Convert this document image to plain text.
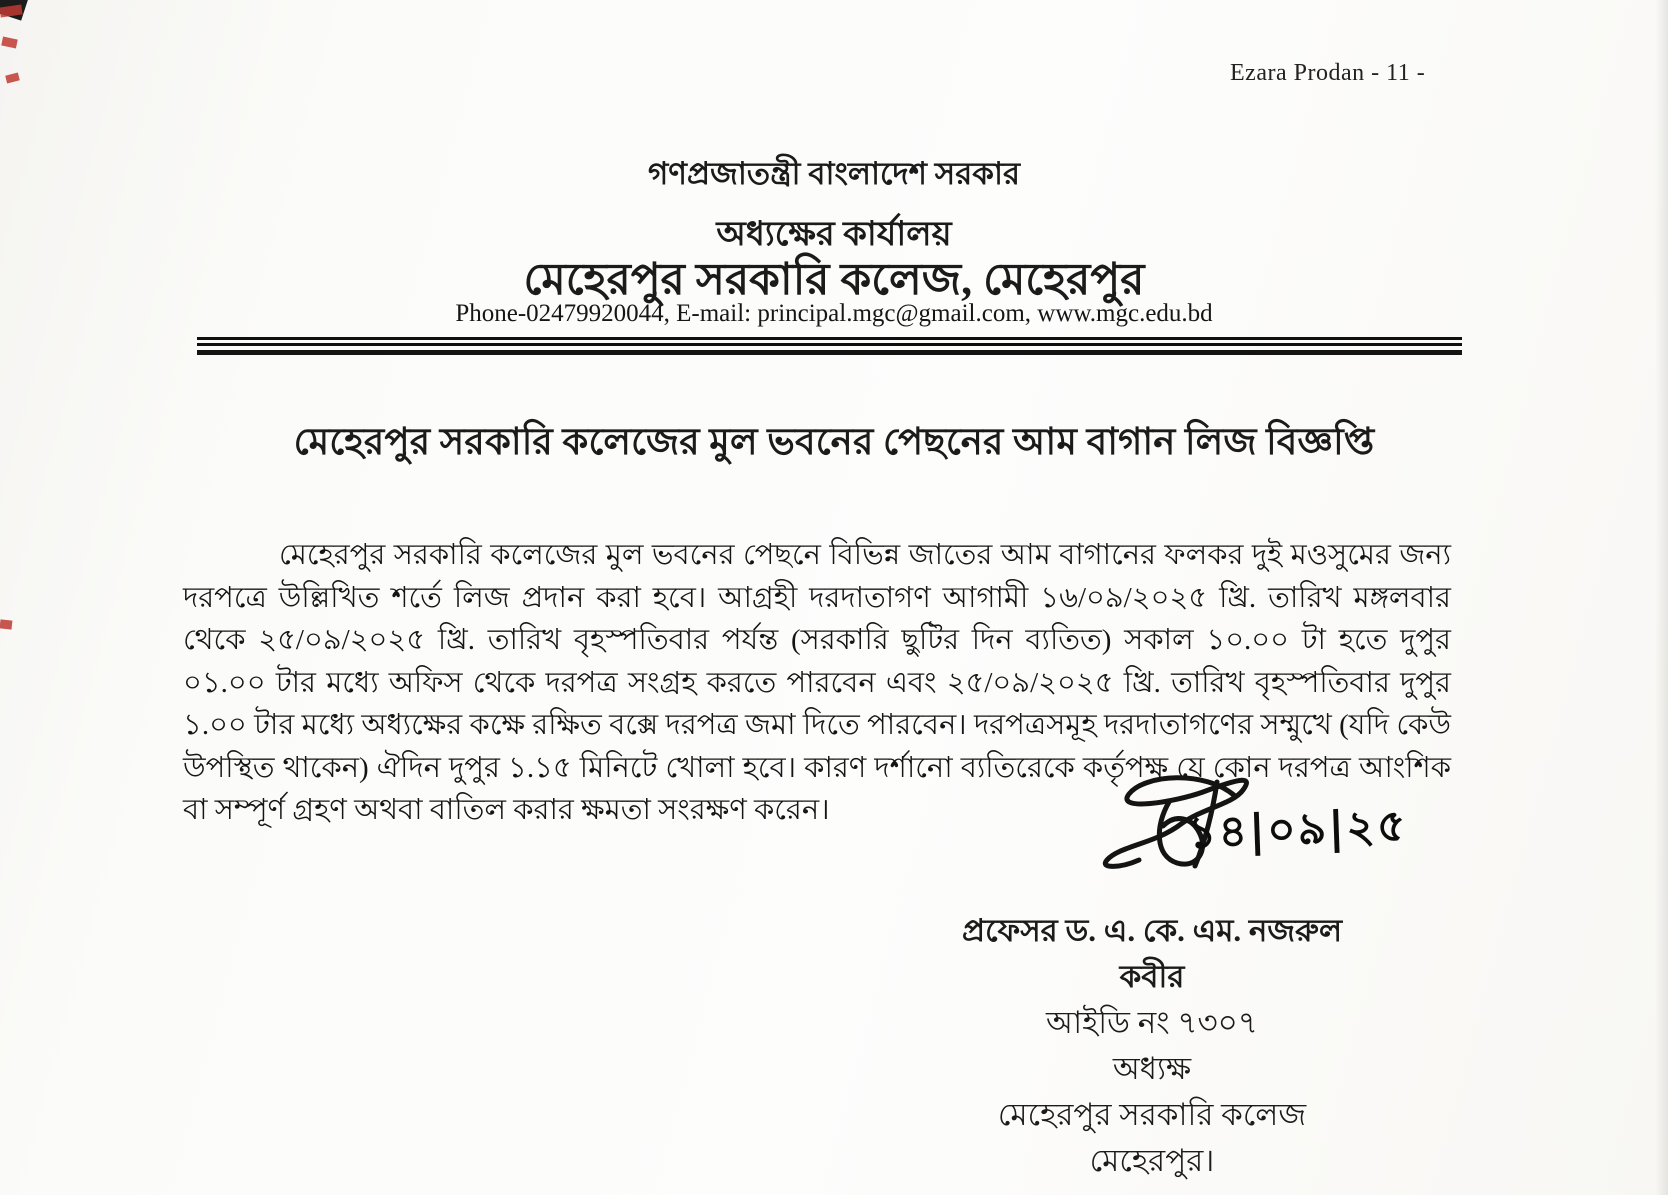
Ezara Prodan - 11 -
গণপ্রজাতন্ত্রী বাংলাদেশ সরকার
অধ্যক্ষের কার্যালয়
মেহেরপুর সরকারি কলেজ, মেহেরপুর
Phone-02479920044, E-mail: principal.mgc@gmail.com, www.mgc.edu.bd
মেহেরপুর সরকারি কলেজের মুল ভবনের পেছনের আম বাগান লিজ বিজ্ঞপ্তি
মেহেরপুর সরকারি কলেজের মুল ভবনের পেছনে বিভিন্ন জাতের আম বাগানের ফলকর দুই মওসুমের জন্য দরপত্রে উল্লিখিত শর্তে লিজ প্রদান করা হবে। আগ্রহী দরদাতাগণ আগামী ১৬/০৯/২০২৫ খ্রি. তারিখ মঙ্গলবার থেকে ২৫/০৯/২০২৫ খ্রি. তারিখ বৃহস্পতিবার পর্যন্ত (সরকারি ছুটির দিন ব্যতিত) সকাল ১০.০০ টা হতে দুপুর ০১.০০ টার মধ্যে অফিস থেকে দরপত্র সংগ্রহ করতে পারবেন এবং ২৫/০৯/২০২৫ খ্রি. তারিখ বৃহস্পতিবার দুপুর ১.০০ টার মধ্যে অধ্যক্ষের কক্ষে রক্ষিত বক্সে দরপত্র জমা দিতে পারবেন। দরপত্রসমূহ দরদাতাগণের সম্মুখে (যদি কেউ উপস্থিত থাকেন) ঐদিন দুপুর ১.১৫ মিনিটে খোলা হবে। কারণ দর্শানো ব্যতিরেকে কর্তৃপক্ষ যে কোন দরপত্র আংশিক বা সম্পূর্ণ গ্রহণ অথবা বাতিল করার ক্ষমতা সংরক্ষণ করেন।	১৪|০৯|২৫
প্রফেসর ড. এ. কে. এম. নজরুল কবীর
আইডি নং ৭৩০৭
অধ্যক্ষ
মেহেরপুর সরকারি কলেজ
মেহেরপুর।
